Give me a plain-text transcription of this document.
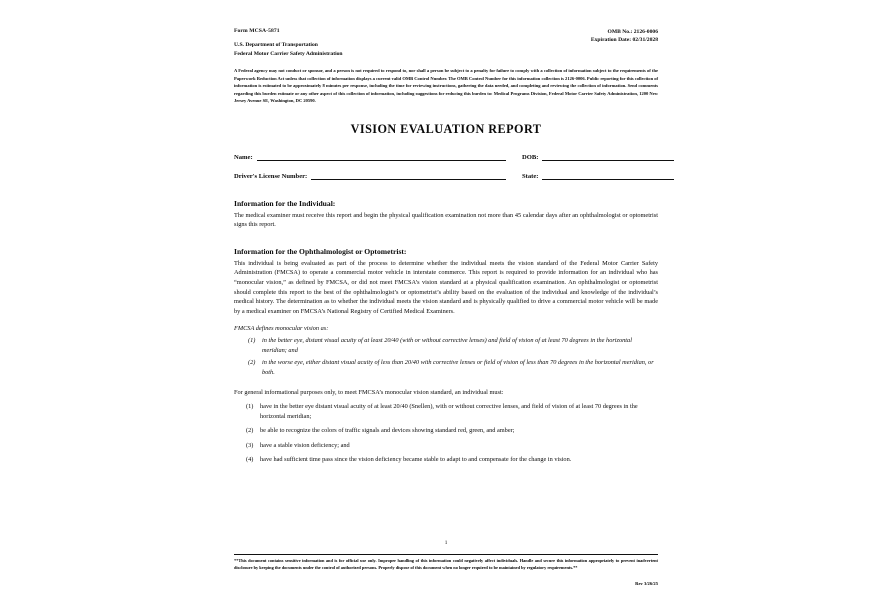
Form MCSA-5871
U.S. Department of Transportation
Federal Motor Carrier Safety Administration
OMB No.: 2126-0006
Expiration Date: 02/31/2028
A Federal agency may not conduct or sponsor, and a person is not required to respond to, nor shall a person be subject to a penalty for failure to comply with a collection of information subject to the requirements of the Paperwork Reduction Act unless that collection of information displays a current valid OMB Control Number. The OMB Control Number for this information collection is 2126-0006. Public reporting for this collection of information is estimated to be approximately 8 minutes per response, including the time for reviewing instructions, gathering the data needed, and completing and reviewing the collection of information. Send comments regarding this burden estimate or any other aspect of this collection of information, including suggestions for reducing this burden to: Medical Programs Division, Federal Motor Carrier Safety Administration, 1200 New Jersey Avenue SE, Washington, DC 20590.
VISION EVALUATION REPORT
Name:	DOB:
Driver's License Number:	State:
Information for the Individual:

The medical examiner must receive this report and begin the physical qualification examination not more than 45 calendar days after an ophthalmologist or optometrist signs this report.

Information for the Ophthalmologist or Optometrist:

This individual is being evaluated as part of the process to determine whether the individual meets the vision standard of the Federal Motor Carrier Safety Administration (FMCSA) to operate a commercial motor vehicle in interstate commerce. This report is required to provide information for an individual who has “monocular vision,” as defined by FMCSA, or did not meet FMCSA’s vision standard at a physical qualification examination. An ophthalmologist or optometrist should complete this report to the best of the ophthalmologist’s or optometrist’s ability based on the evaluation of the individual and knowledge of the individual’s medical history. The determination as to whether the individual meets the vision standard and is physically qualified to drive a commercial motor vehicle will be made by a medical examiner on FMCSA’s National Registry of Certified Medical Examiners.

FMCSA defines monocular vision as:
(1)	in the better eye, distant visual acuity of at least 20/40 (with or without corrective lenses) and field of vision of at least 70 degrees in the horizontal meridian; and
(2)	in the worse eye, either distant visual acuity of less than 20/40 with corrective lenses or field of vision of less than 70 degrees in the horizontal meridian, or both.
For general informational purposes only, to meet FMCSA’s monocular vision standard, an individual must:
(1)	have in the better eye distant visual acuity of at least 20/40 (Snellen), with or without corrective lenses, and field of vision of at least 70 degrees in the horizontal meridian;
(2)	be able to recognize the colors of traffic signals and devices showing standard red, green, and amber;
(3)	have a stable vision deficiency; and
(4)	have had sufficient time pass since the vision deficiency became stable to adapt to and compensate for the change in vision.
1
**This document contains sensitive information and is for official use only. Improper handling of this information could negatively affect individuals. Handle and secure this information appropriately to prevent inadvertent disclosure by keeping the documents under the control of authorized persons. Properly dispose of this document when no longer required to be maintained by regulatory requirements.**
Rev 3/26/25
